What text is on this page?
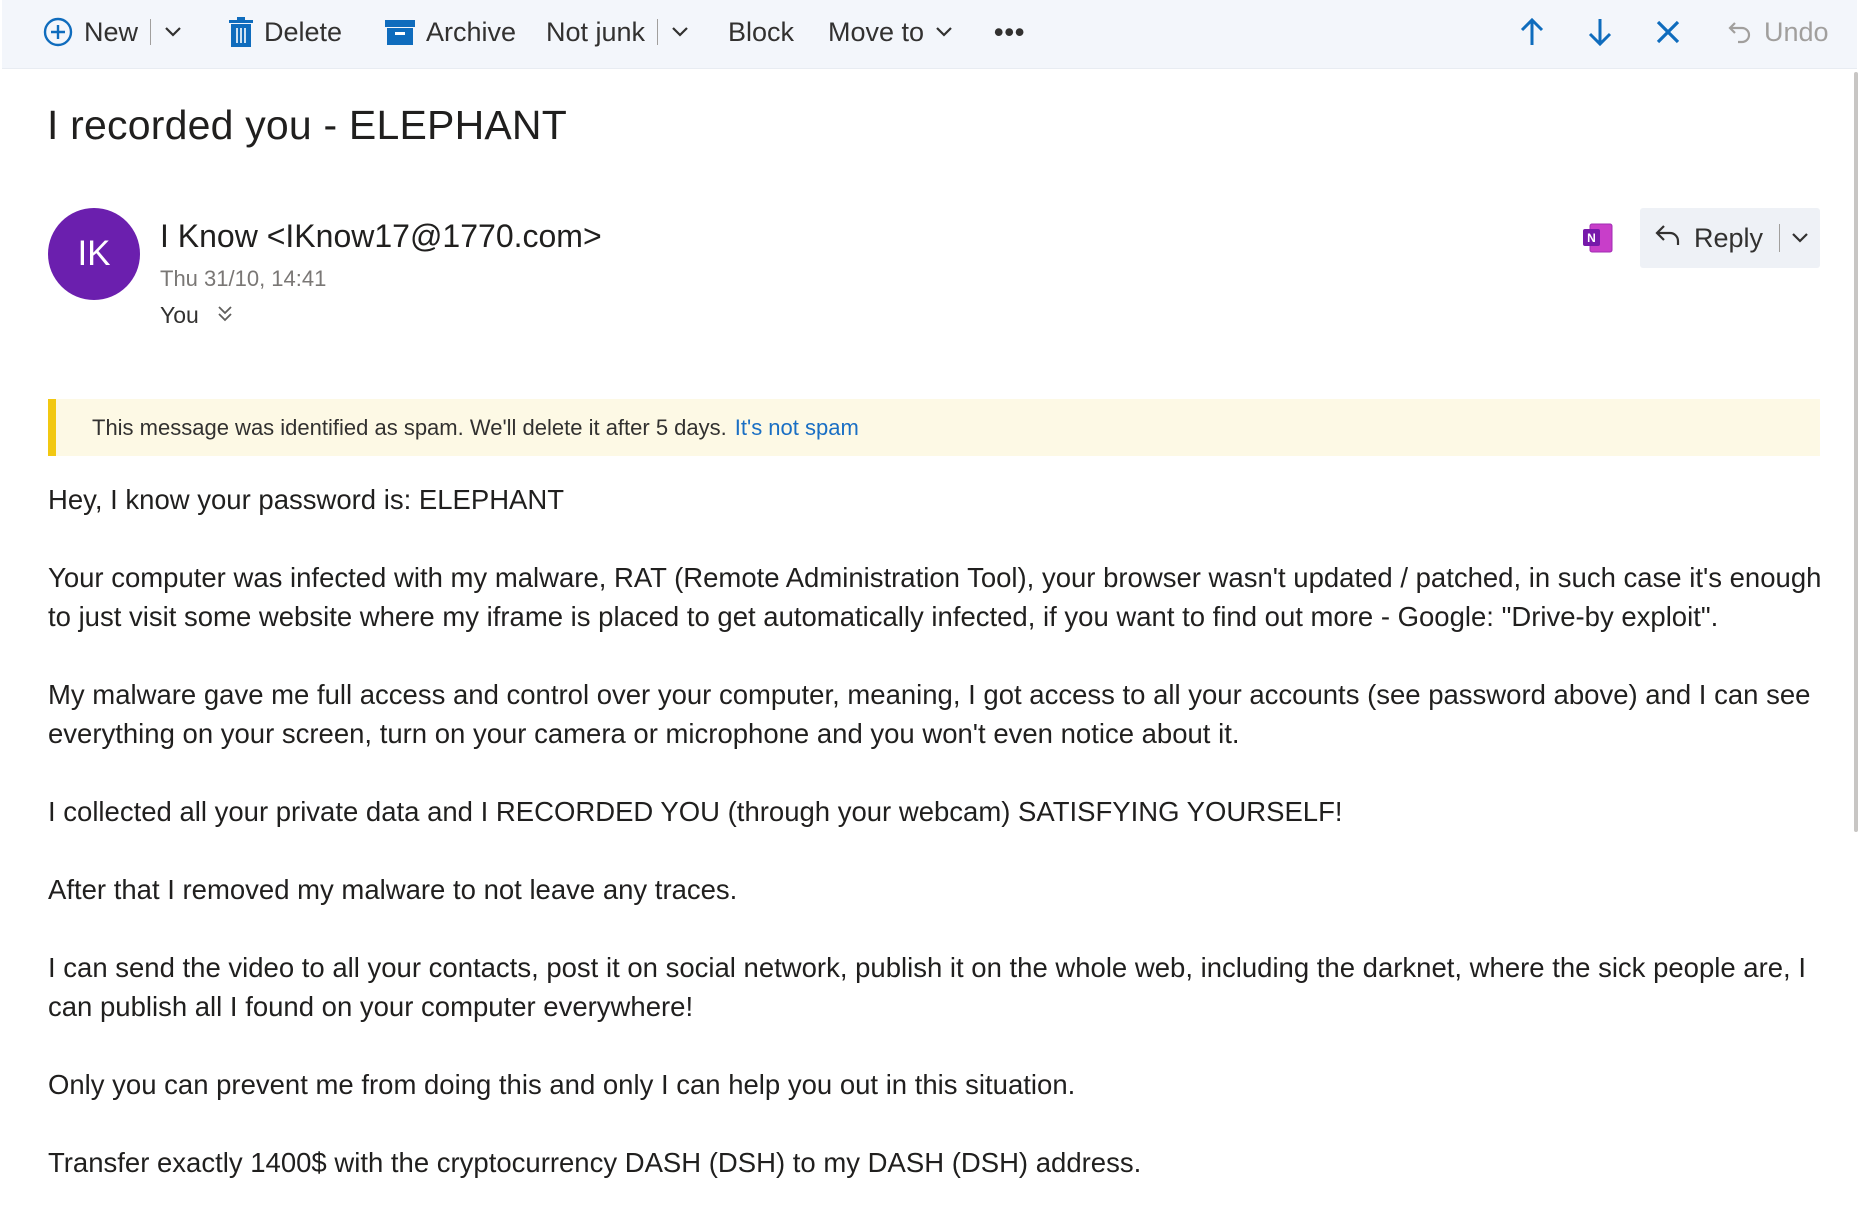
New	Delete	Archive Not junk	Block Move to	•••	Undo
I recorded you - ELEPHANT
IK	I Know <IKnow17@1770.com>
Thu 31/10, 14:41
You
N	Reply
This message was identified as spam. We'll delete it after 5 days. It's not spam

Hey, I know your password is: ELEPHANT

Your computer was infected with my malware, RAT (Remote Administration Tool), your browser wasn't updated / patched, in such case it's enough to just visit some website where my iframe is placed to get automatically infected, if you want to find out more - Google: "Drive-by exploit".

My malware gave me full access and control over your computer, meaning, I got access to all your accounts (see password above) and I can see everything on your screen, turn on your camera or microphone and you won't even notice about it.

I collected all your private data and I RECORDED YOU (through your webcam) SATISFYING YOURSELF!

After that I removed my malware to not leave any traces.

I can send the video to all your contacts, post it on social network, publish it on the whole web, including the darknet, where the sick people are, I can publish all I found on your computer everywhere!

Only you can prevent me from doing this and only I can help you out in this situation.

Transfer exactly 1400$ with the cryptocurrency DASH (DSH) to my DASH (DSH) address.
